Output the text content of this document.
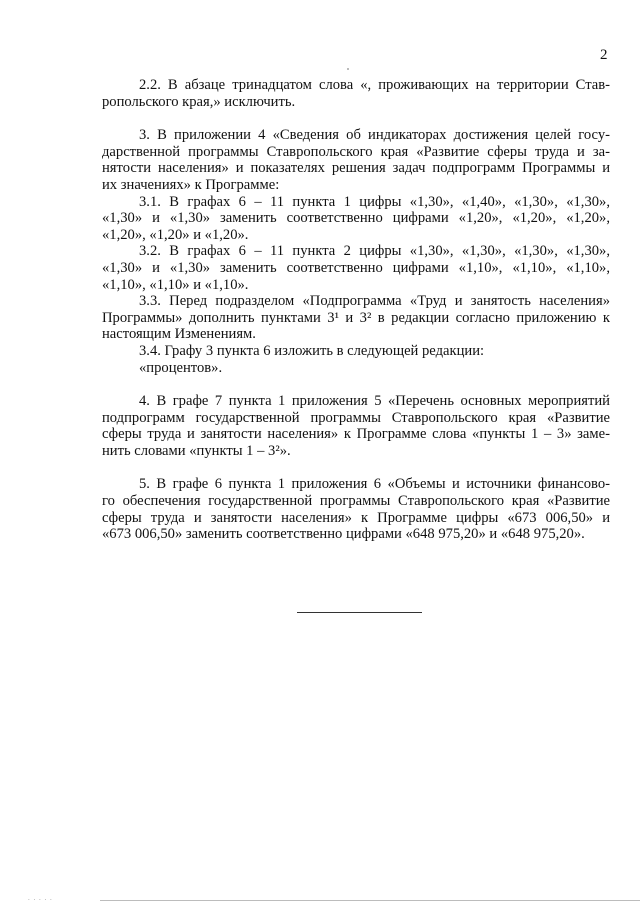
2

2.2. В абзаце тринадцатом слова «, проживающих на территории Став-
ропольского края,» исключить.

3. В приложении 4 «Сведения об индикаторах достижения целей госу-
дарственной программы Ставропольского края «Развитие сферы труда и за-
нятости населения» и показателях решения задач подпрограмм Программы и
их значениях» к Программе:

3.1. В графах 6 – 11 пункта 1 цифры «1,30», «1,40», «1,30», «1,30»,
«1,30» и «1,30» заменить соответственно цифрами «1,20», «1,20», «1,20»,
«1,20», «1,20» и «1,20».

3.2. В графах 6 – 11 пункта 2 цифры «1,30», «1,30», «1,30», «1,30»,
«1,30» и «1,30» заменить соответственно цифрами «1,10», «1,10», «1,10»,
«1,10», «1,10» и «1,10».

3.3. Перед подразделом «Подпрограмма «Труд и занятость населения»
Программы» дополнить пунктами 3¹ и 3² в редакции согласно приложению к
настоящим Изменениям.

3.4. Графу 3 пункта 6 изложить в следующей редакции:
«процентов».

4. В графе 7 пункта 1 приложения 5 «Перечень основных мероприятий
подпрограмм государственной программы Ставропольского края «Развитие
сферы труда и занятости населения» к Программе слова «пункты 1 – 3» заме-
нить словами «пункты 1 – 3²».

5. В графе 6 пункта 1 приложения 6 «Объемы и источники финансово-
го обеспечения государственной программы Ставропольского края «Развитие
сферы труда и занятости населения» к Программе цифры «673 006,50» и
«673 006,50» заменить соответственно цифрами «648 975,20» и «648 975,20».

. . . . .
